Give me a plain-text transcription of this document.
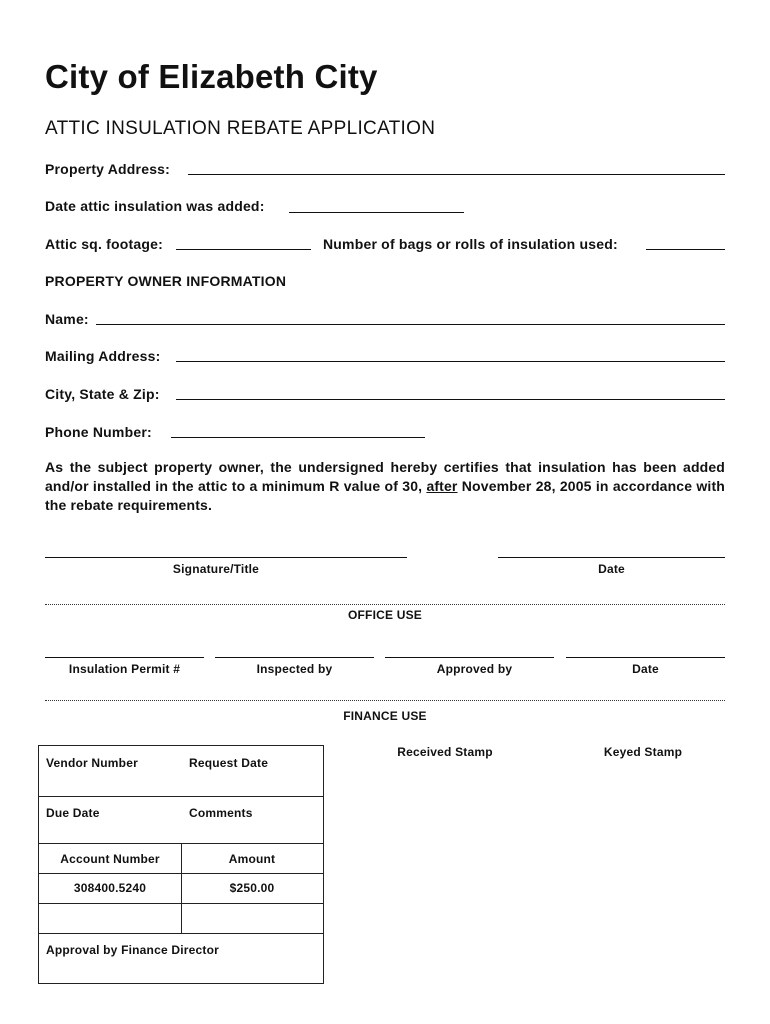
City of Elizabeth City
ATTIC INSULATION REBATE APPLICATION
Property Address:
Date attic insulation was added:
Attic sq. footage:	Number of bags or rolls of insulation used:
PROPERTY OWNER INFORMATION
Name:
Mailing Address:
City, State & Zip:
Phone Number:
As the subject property owner, the undersigned hereby certifies that insulation has been added and/or installed in the attic to a minimum R value of 30, after November 28, 2005 in accordance with the rebate requirements.
Signature/Title	Date
OFFICE USE
Insulation Permit #	Inspected by	Approved by	Date
FINANCE USE
Received Stamp	Keyed Stamp
Vendor Number	Request Date
Due Date	Comments
Account Number	Amount
308400.5240	$250.00
Approval by Finance Director
